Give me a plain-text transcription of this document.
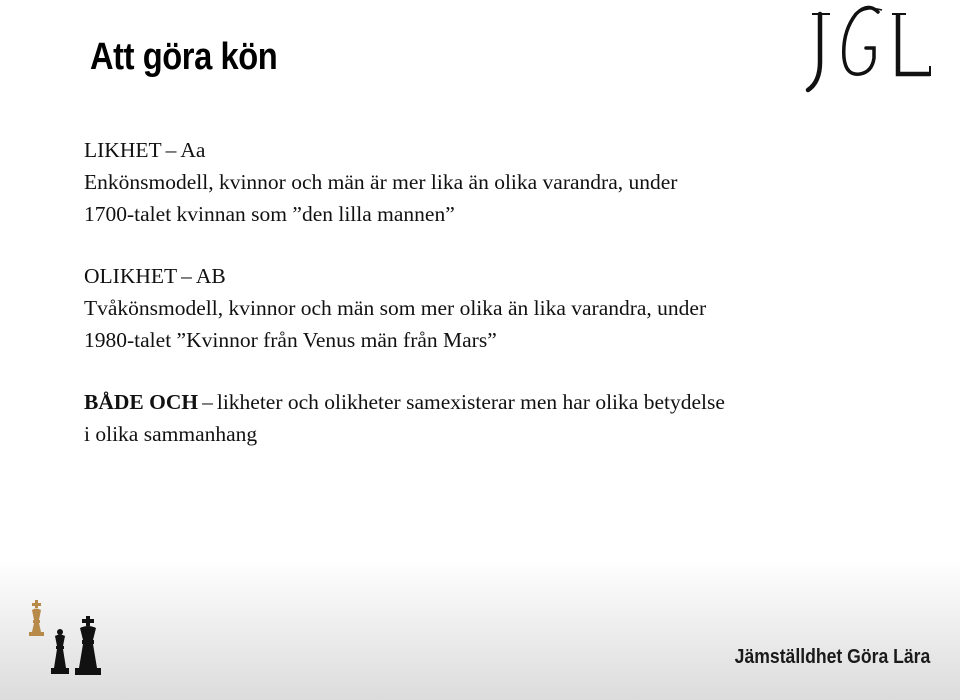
Att göra kön
LIKHET – Aa
Enkönsmodell, kvinnor och män är mer lika än olika varandra, under
1700-talet kvinnan som ”den lilla mannen”
OLIKHET – AB
Tvåkönsmodell, kvinnor och män som mer olika än lika varandra, under
1980-talet ”Kvinnor från Venus män från Mars”
BÅDE OCH – likheter och olikheter samexisterar men har olika betydelse
i olika sammanhang
Jämställdhet Göra Lära
